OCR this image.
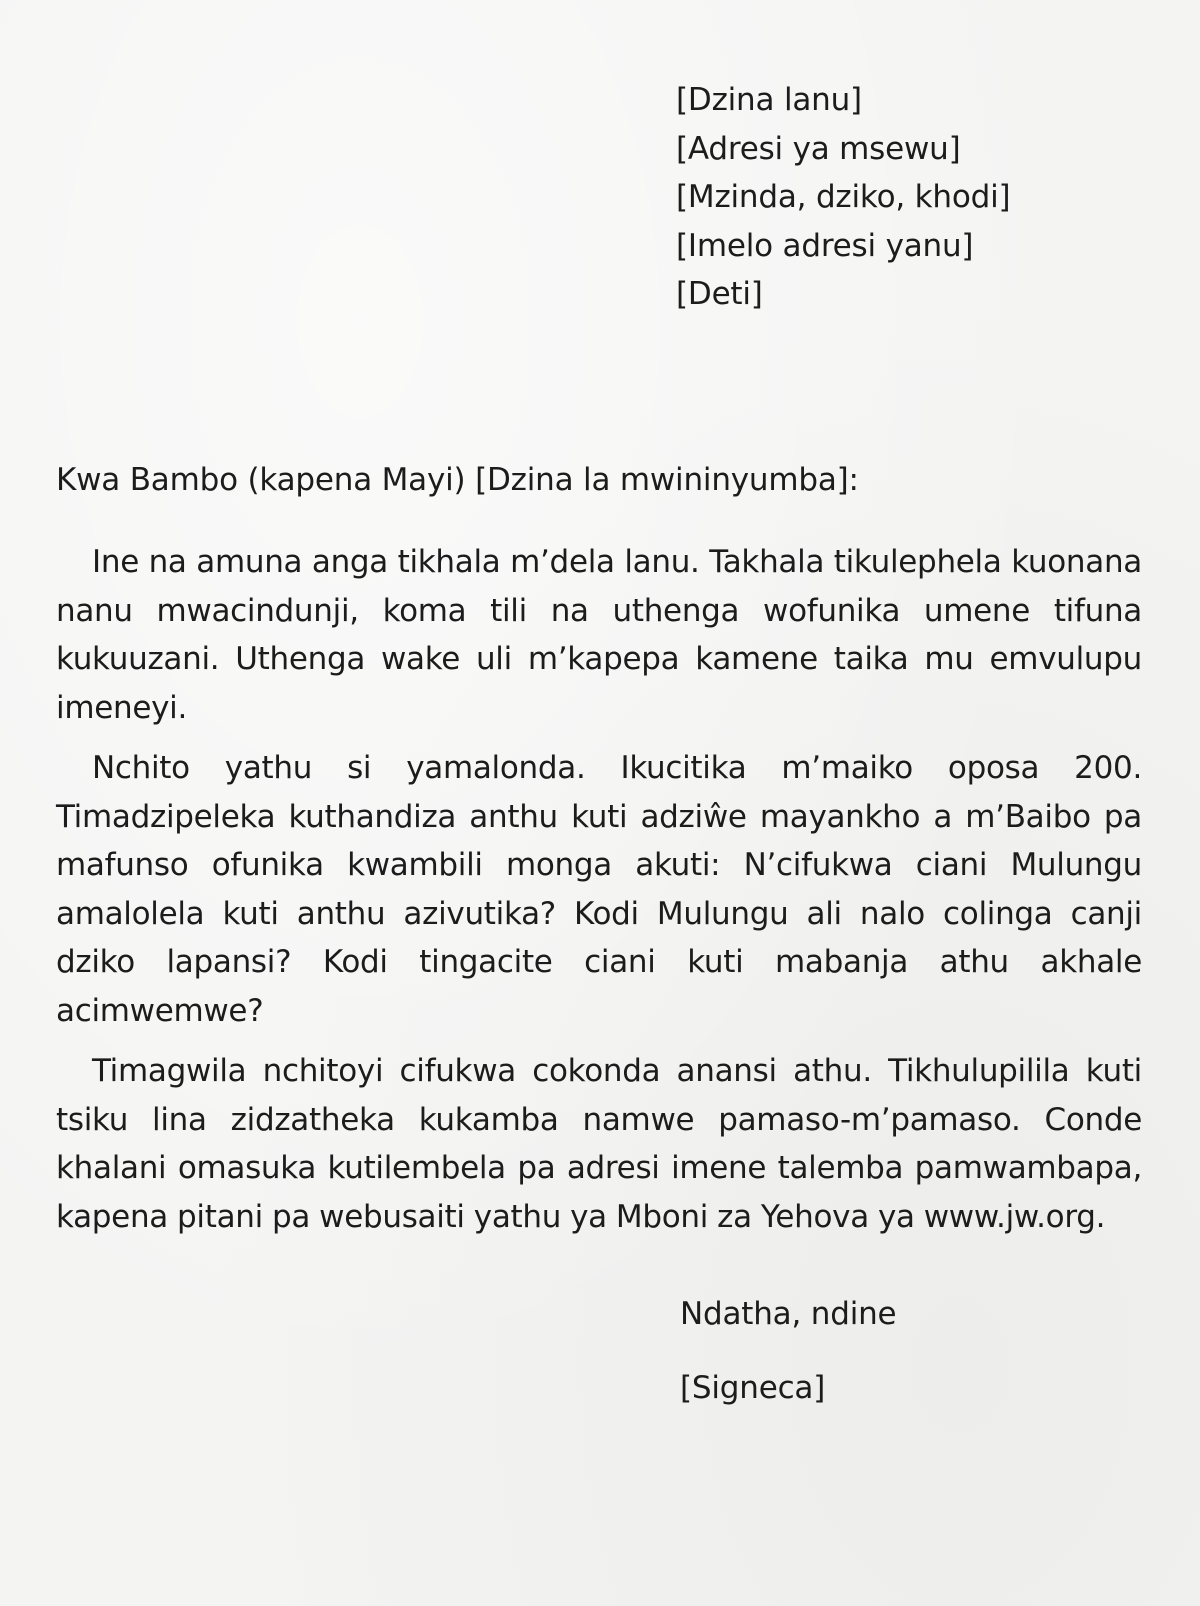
[Dzina lanu]
[Adresi ya msewu]
[Mzinda, dziko, khodi]
[Imelo adresi yanu]
[Deti]
Kwa Bambo (kapena Mayi) [Dzina la mwininyumba]:

Ine na amuna anga tikhala m’dela lanu. Takhala tikulephela kuonana nanu mwacindunji, koma tili na uthenga wofunika umene tifuna kukuuzani. Uthenga wake uli m’kapepa kamene taika mu emvulupu imeneyi.

Nchito yathu si yamalonda. Ikucitika m’maiko oposa 200. Timadzipeleka kuthandiza anthu kuti adziŵe mayankho a m’Baibo pa mafunso ofunika kwambili monga akuti: N’cifukwa ciani Mulungu amalolela kuti anthu azivutika? Kodi Mulungu ali nalo colinga canji dziko lapansi? Kodi tingacite ciani kuti mabanja athu akhale acimwemwe?

Timagwila nchitoyi cifukwa cokonda anansi athu. Tikhulupilila kuti tsiku lina zidzatheka kukamba namwe pamaso-m’pamaso. Conde khalani omasuka kutilembela pa adresi imene talemba pamwambapa, kapena pitani pa webusaiti yathu ya Mboni za Yehova ya www.jw.org.

Ndatha, ndine
[Signeca]
